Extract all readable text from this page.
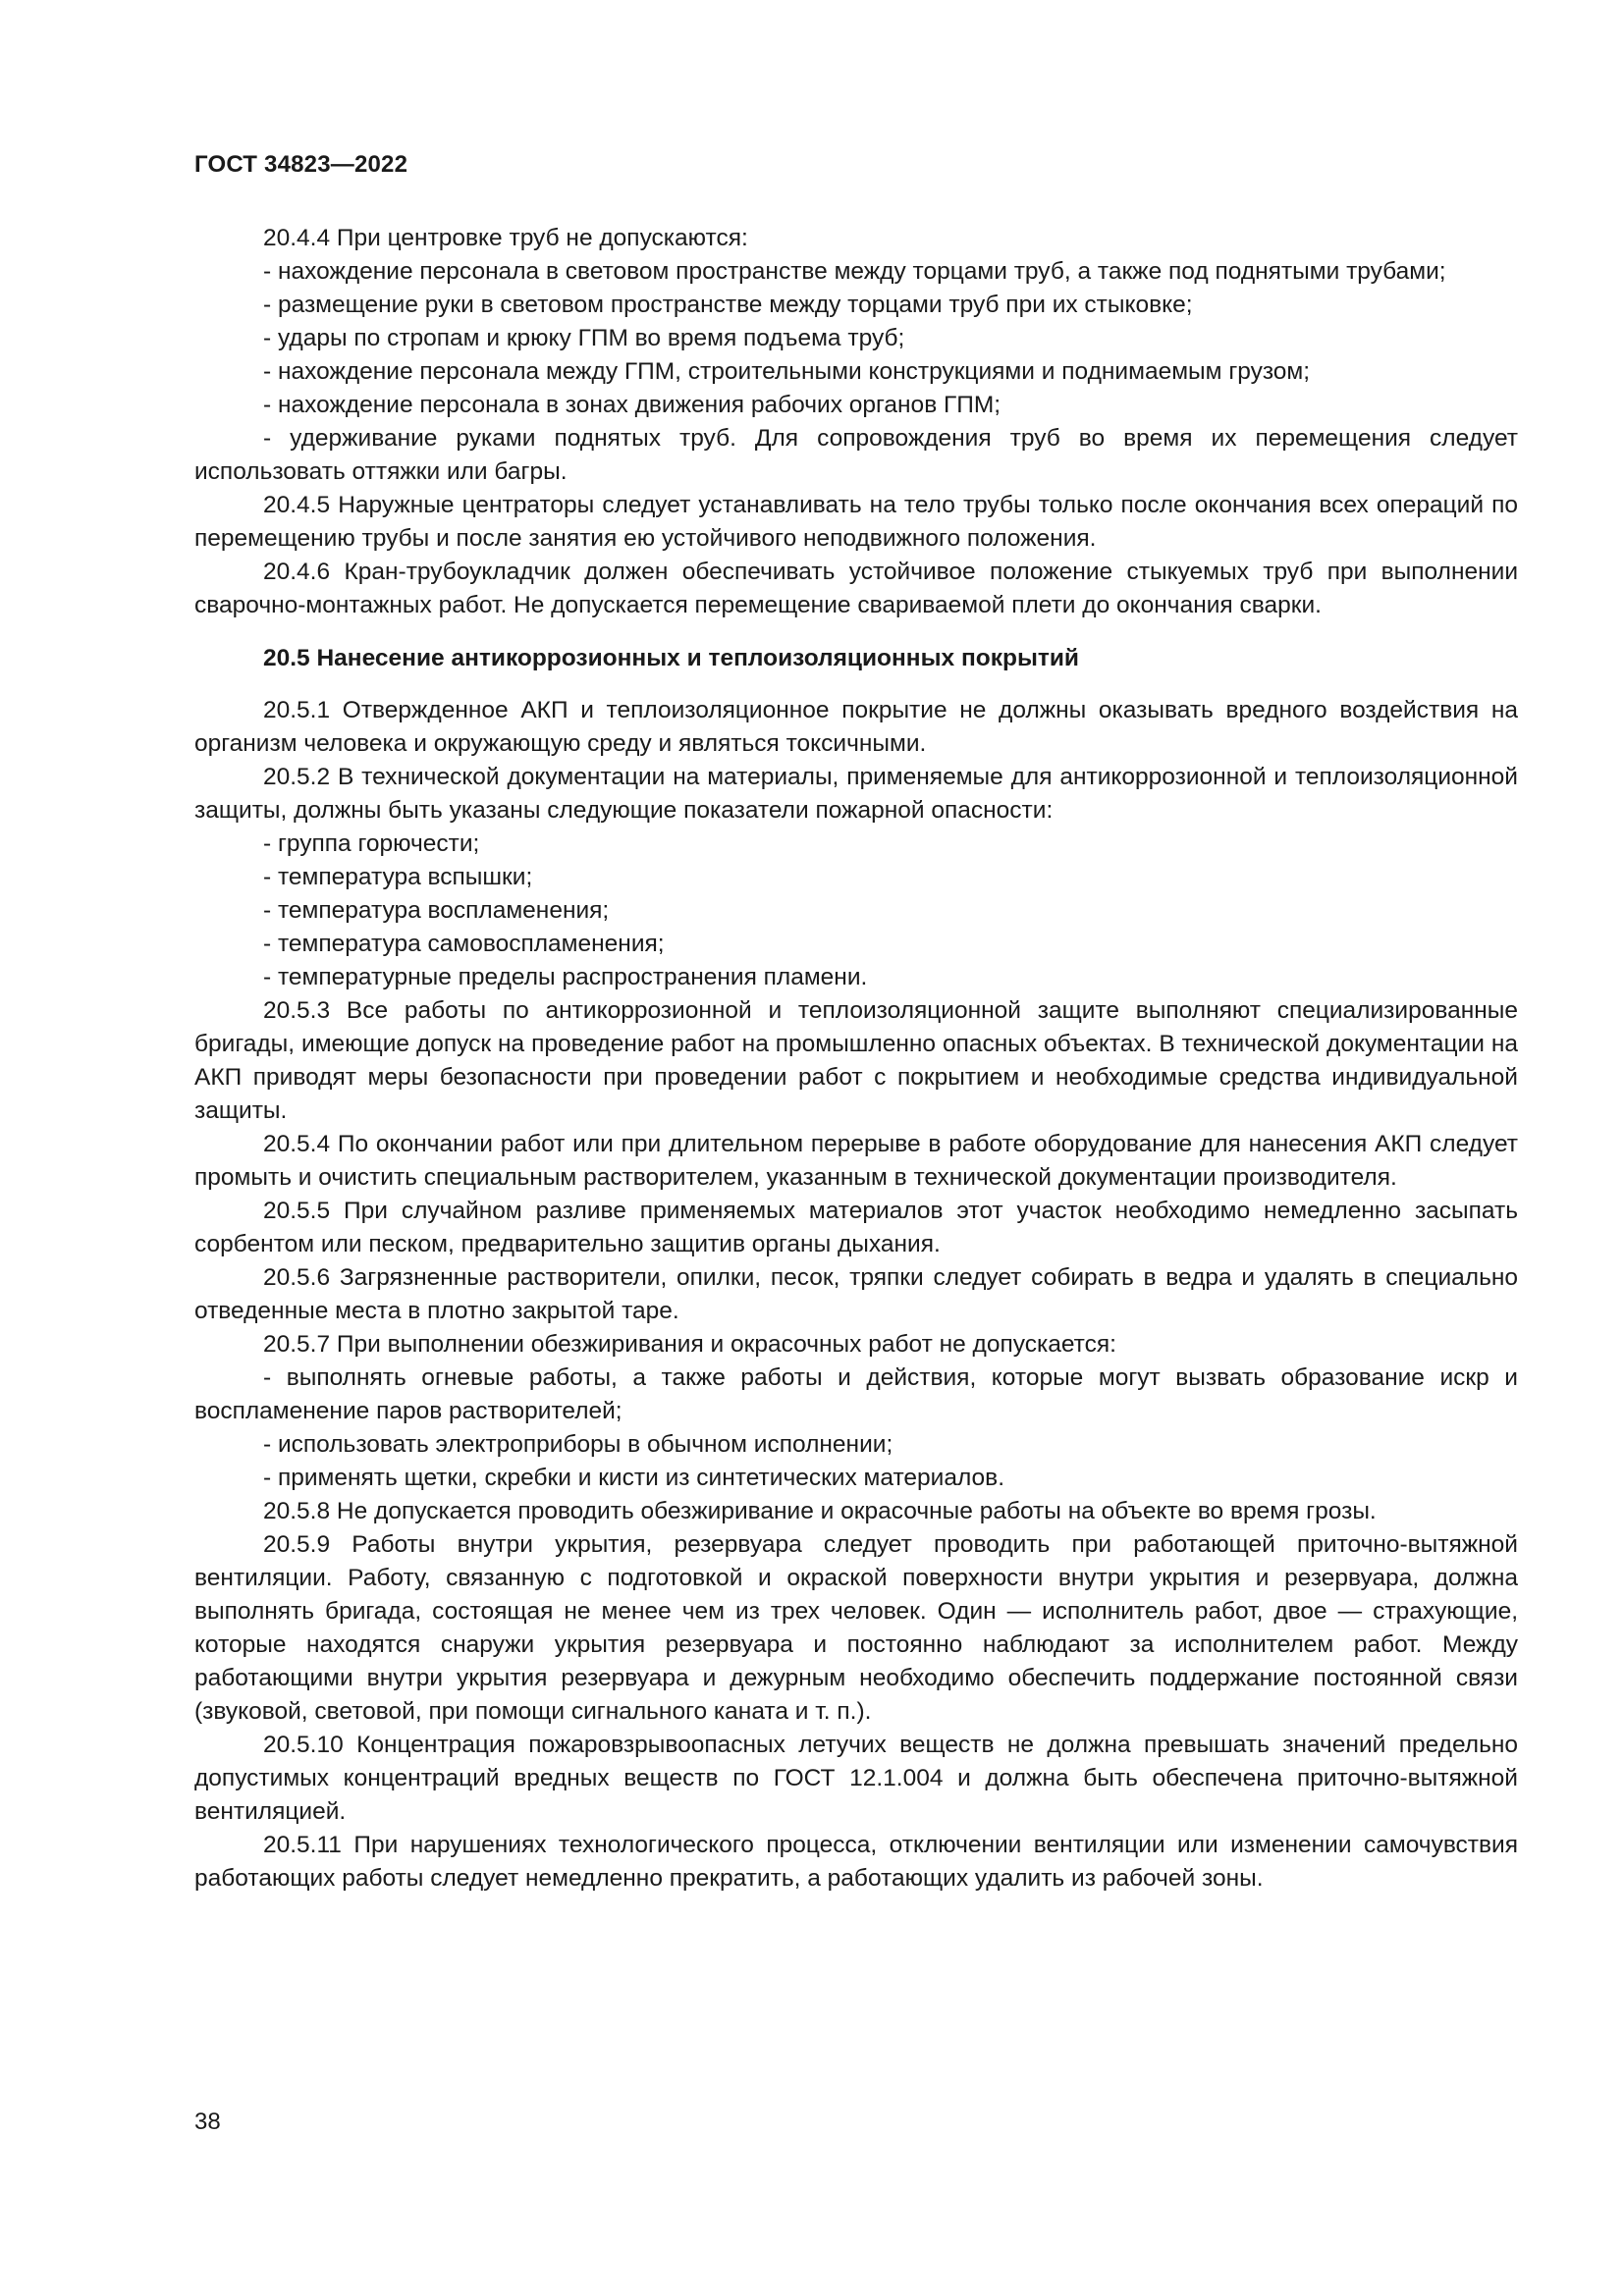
ГОСТ 34823—2022

20.4.4 При центровке труб не допускаются:

- нахождение персонала в световом пространстве между торцами труб, а также под поднятыми трубами;

- размещение руки в световом пространстве между торцами труб при их стыковке;

- удары по стропам и крюку ГПМ во время подъема труб;

- нахождение персонала между ГПМ, строительными конструкциями и поднимаемым грузом;

- нахождение персонала в зонах движения рабочих органов ГПМ;

- удерживание руками поднятых труб. Для сопровождения труб во время их перемещения следует использовать оттяжки или багры.

20.4.5 Наружные центраторы следует устанавливать на тело трубы только после окончания всех операций по перемещению трубы и после занятия ею устойчивого неподвижного положения.

20.4.6 Кран-трубоукладчик должен обеспечивать устойчивое положение стыкуемых труб при выполнении сварочно-монтажных работ. Не допускается перемещение свариваемой плети до окончания сварки.

20.5 Нанесение антикоррозионных и теплоизоляционных покрытий

20.5.1 Отвержденное АКП и теплоизоляционное покрытие не должны оказывать вредного воздействия на организм человека и окружающую среду и являться токсичными.

20.5.2 В технической документации на материалы, применяемые для антикоррозионной и теплоизоляционной защиты, должны быть указаны следующие показатели пожарной опасности:

- группа горючести;

- температура вспышки;

- температура воспламенения;

- температура самовоспламенения;

- температурные пределы распространения пламени.

20.5.3 Все работы по антикоррозионной и теплоизоляционной защите выполняют специализированные бригады, имеющие допуск на проведение работ на промышленно опасных объектах. В технической документации на АКП приводят меры безопасности при проведении работ с покрытием и необходимые средства индивидуальной защиты.

20.5.4 По окончании работ или при длительном перерыве в работе оборудование для нанесения АКП следует промыть и очистить специальным растворителем, указанным в технической документации производителя.

20.5.5 При случайном разливе применяемых материалов этот участок необходимо немедленно засыпать сорбентом или песком, предварительно защитив органы дыхания.

20.5.6 Загрязненные растворители, опилки, песок, тряпки следует собирать в ведра и удалять в специально отведенные места в плотно закрытой таре.

20.5.7 При выполнении обезжиривания и окрасочных работ не допускается:

- выполнять огневые работы, а также работы и действия, которые могут вызвать образование искр и воспламенение паров растворителей;

- использовать электроприборы в обычном исполнении;

- применять щетки, скребки и кисти из синтетических материалов.

20.5.8 Не допускается проводить обезжиривание и окрасочные работы на объекте во время грозы.

20.5.9 Работы внутри укрытия, резервуара следует проводить при работающей приточно-вытяжной вентиляции. Работу, связанную с подготовкой и окраской поверхности внутри укрытия и резервуара, должна выполнять бригада, состоящая не менее чем из трех человек. Один — исполнитель работ, двое — страхующие, которые находятся снаружи укрытия резервуара и постоянно наблюдают за исполнителем работ. Между работающими внутри укрытия резервуара и дежурным необходимо обеспечить поддержание постоянной связи (звуковой, световой, при помощи сигнального каната и т. п.).

20.5.10 Концентрация пожаровзрывоопасных летучих веществ не должна превышать значений предельно допустимых концентраций вредных веществ по ГОСТ 12.1.004 и должна быть обеспечена приточно-вытяжной вентиляцией.

20.5.11 При нарушениях технологического процесса, отключении вентиляции или изменении самочувствия работающих работы следует немедленно прекратить, а работающих удалить из рабочей зоны.

38
